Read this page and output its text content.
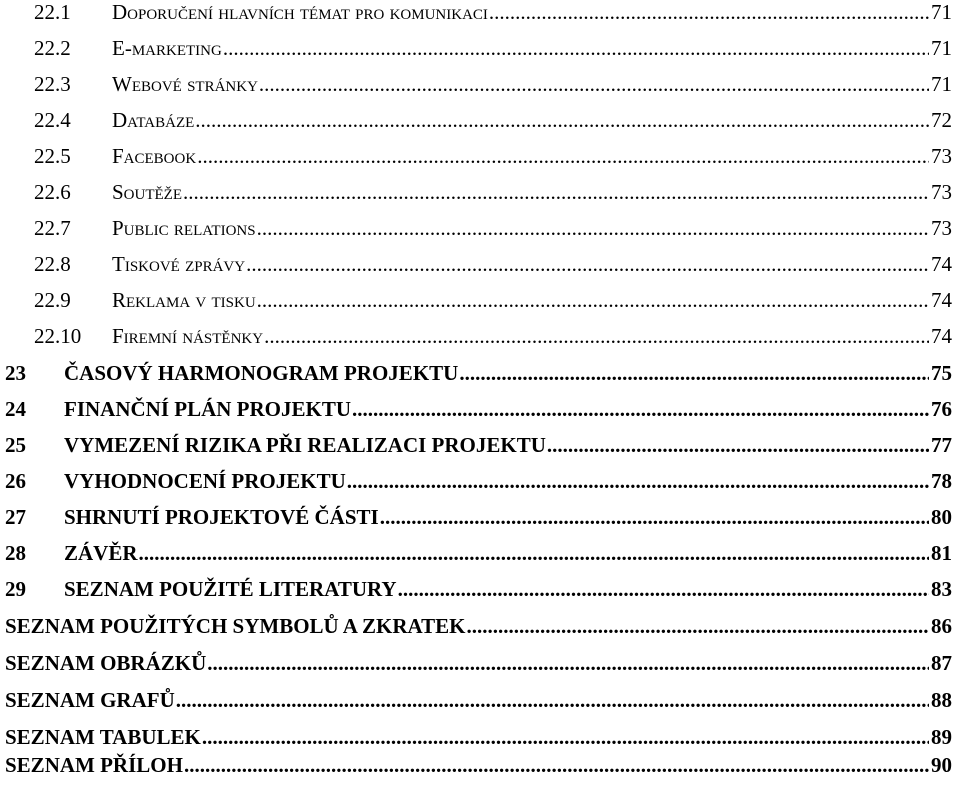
22.1	Doporučení hlavních témat pro komunikaci .....	71
22.2	E-marketing .....	71
22.3	Webové stránky .....	71
22.4	Databáze .....	72
22.5	Facebook .....	73
22.6	Soutěže .....	73
22.7	Public relations .....	73
22.8	Tiskové zprávy .....	74
22.9	Reklama v tisku .....	74
22.10	Firemní nástěnky .....	74
23	ČASOVÝ HARMONOGRAM PROJEKTU .....	75
24	FINANČNÍ PLÁN PROJEKTU .....	76
25	VYMEZENÍ RIZIKA PŘI REALIZACI PROJEKTU .....	77
26	VYHODNOCENÍ PROJEKTU .....	78
27	SHRNUTÍ PROJEKTOVÉ ČÁSTI .....	80
28	ZÁVĚR .....	81
29	SEZNAM POUŽITÉ LITERATURY .....	83
SEZNAM POUŽITÝCH SYMBOLŮ A ZKRATEK .....	86
SEZNAM OBRÁZKŮ .....	87
SEZNAM GRAFŮ .....	88
SEZNAM TABULEK .....	89
SEZNAM PŘÍLOH .....	90
